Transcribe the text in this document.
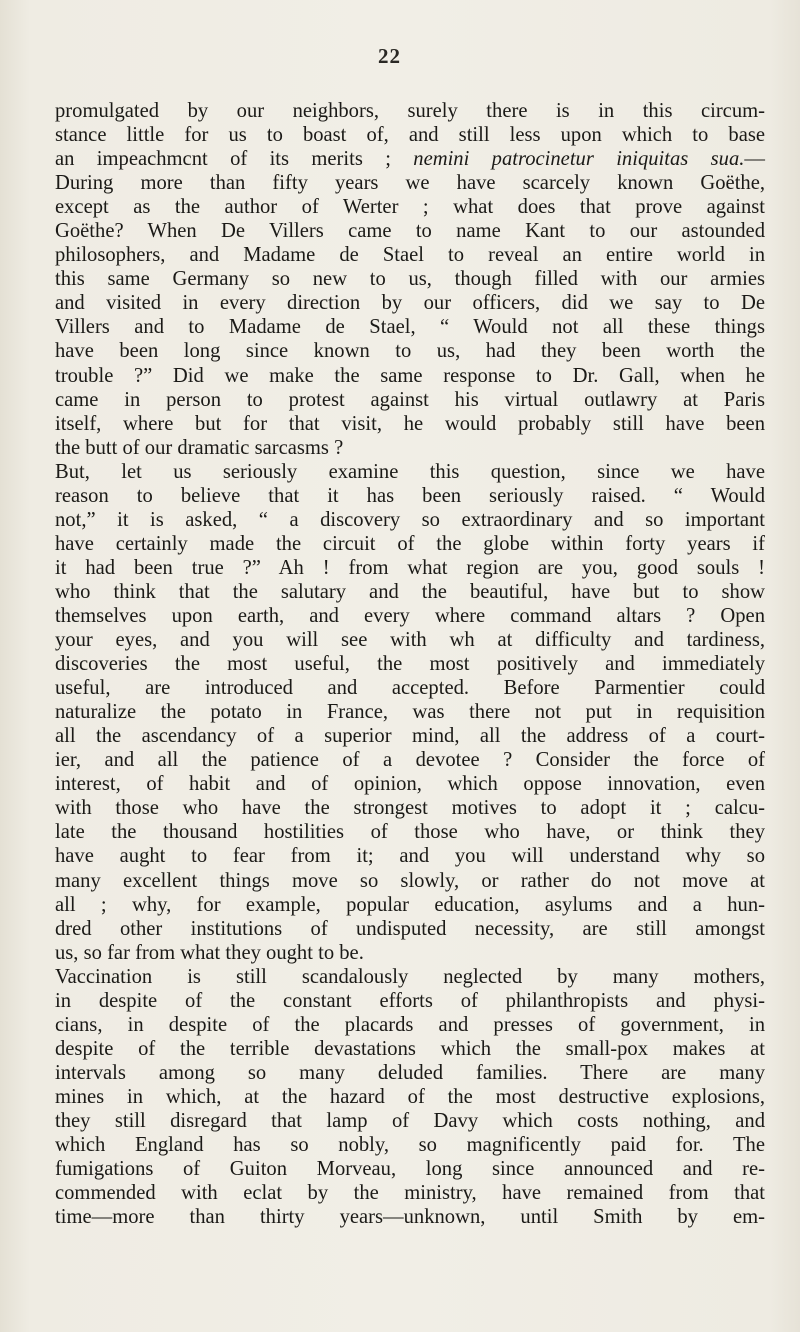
22
promulgated by our neighbors, surely there is in this circum-
stance little for us to boast of, and still less upon which to base
an impeachmcnt of its merits ; nemini patrocinetur iniquitas sua.—
During more than fifty years we have scarcely known Goëthe,
except as the author of Werter ; what does that prove against
Goëthe? When De Villers came to name Kant to our astounded
philosophers, and Madame de Stael to reveal an entire world in
this same Germany so new to us, though filled with our armies
and visited in every direction by our officers, did we say to De
Villers and to Madame de Stael, “ Would not all these things
have been long since known to us, had they been worth the
trouble ?” Did we make the same response to Dr. Gall, when he
came in person to protest against his virtual outlawry at Paris
itself, where but for that visit, he would probably still have been
the butt of our dramatic sarcasms ?
But, let us seriously examine this question, since we have
reason to believe that it has been seriously raised. “ Would
not,” it is asked, “ a discovery so extraordinary and so important
have certainly made the circuit of the globe within forty years if
it had been true ?” Ah ! from what region are you, good souls !
who think that the salutary and the beautiful, have but to show
themselves upon earth, and every where command altars ? Open
your eyes, and you will see with wh at difficulty and tardiness,
discoveries the most useful, the most positively and immediately
useful, are introduced and accepted. Before Parmentier could
naturalize the potato in France, was there not put in requisition
all the ascendancy of a superior mind, all the address of a court-
ier, and all the patience of a devotee ? Consider the force of
interest, of habit and of opinion, which oppose innovation, even
with those who have the strongest motives to adopt it ; calcu-
late the thousand hostilities of those who have, or think they
have aught to fear from it; and you will understand why so
many excellent things move so slowly, or rather do not move at
all ; why, for example, popular education, asylums and a hun-
dred other institutions of undisputed necessity, are still amongst
us, so far from what they ought to be.
Vaccination is still scandalously neglected by many mothers,
in despite of the constant efforts of philanthropists and physi-
cians, in despite of the placards and presses of government, in
despite of the terrible devastations which the small-pox makes at
intervals among so many deluded families. There are many
mines in which, at the hazard of the most destructive explosions,
they still disregard that lamp of Davy which costs nothing, and
which England has so nobly, so magnificently paid for. The
fumigations of Guiton Morveau, long since announced and re-
commended with eclat by the ministry, have remained from that
time—more than thirty years—unknown, until Smith by em-
